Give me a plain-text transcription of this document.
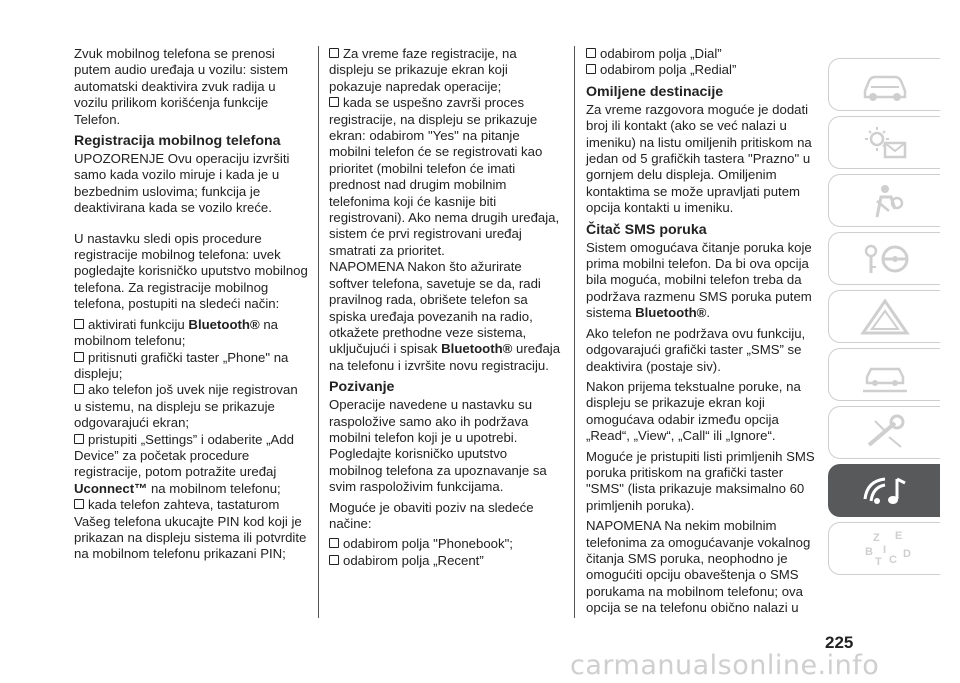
Zvuk mobilnog telefona se prenosi putem audio uređaja u vozilu: sistem automatski deaktivira zvuk radija u vozilu prilikom korišćenja funkcije Telefon.

Registracija mobilnog telefona

UPOZORENJE Ovu operaciju izvršiti samo kada vozilo miruje i kada je u bezbednim uslovima; funkcija je deaktivirana kada se vozilo kreće.

U nastavku sledi opis procedure registracije mobilnog telefona: uvek pogledajte korisničko uputstvo mobilnog telefona. Za registracije mobilnog telefona, postupiti na sledeći način:

aktivirati funkciju Bluetooth® na mobilnom telefonu;
pritisnuti grafički taster „Phone" na displeju;
ako telefon još uvek nije registrovan u sistemu, na displeju se prikazuje odgovarajući ekran;
pristupiti „Settings” i odaberite „Add Device” za početak procedure registracije, potom potražite uređaj Uconnect™ na mobilnom telefonu;
kada telefon zahteva, tastaturom Vašeg telefona ukucajte PIN kod koji je prikazan na displeju sistema ili potvrdite na mobilnom telefonu prikazani PIN;
Za vreme faze registracije, na displeju se prikazuje ekran koji pokazuje napredak operacije;
kada se uspešno završi proces registracije, na displeju se prikazuje ekran: odabirom "Yes" na pitanje mobilni telefon će se registrovati kao prioritet (mobilni telefon će imati prednost nad drugim mobilnim telefonima koji će kasnije biti registrovani). Ako nema drugih uređaja, sistem će prvi registrovani uređaj smatrati za prioritet.

NAPOMENA Nakon što ažurirate softver telefona, savetuje se da, radi pravilnog rada, obrišete telefon sa spiska uređaja povezanih na radio, otkažete prethodne veze sistema, uključujući i spisak Bluetooth® uređaja na telefonu i izvršite novu registraciju.

Pozivanje

Operacije navedene u nastavku su raspoložive samo ako ih podržava mobilni telefon koji je u upotrebi. Pogledajte korisničko uputstvo mobilnog telefona za upoznavanje sa svim raspoloživim funkcijama.

Moguće je obaviti poziv na sledeće načine:

odabirom polja "Phonebook";
odabirom polja „Recent”
odabirom polja „Dial”
odabirom polja „Redial”
Omiljene destinacije

Za vreme razgovora moguće je dodati broj ili kontakt (ako se već nalazi u imeniku) na listu omiljenih pritiskom na jedan od 5 grafičkih tastera "Prazno" u gornjem delu displeja. Omiljenim kontaktima se može upravljati putem opcija kontakti u imeniku.

Čitač SMS poruka

Sistem omogućava čitanje poruka koje prima mobilni telefon. Da bi ova opcija bila moguća, mobilni telefon treba da podržava razmenu SMS poruka putem sistema Bluetooth®.

Ako telefon ne podržava ovu funkciju, odgovarajući grafički taster „SMS” se deaktivira (postaje siv).

Nakon prijema tekstualne poruke, na displeju se prikazuje ekran koji omogućava odabir između opcija „Read“, „View“, „Call“ ili „Ignore“.

Moguće je pristupiti listi primljenih SMS poruka pritiskom na grafički taster "SMS" (lista prikazuje maksimalno 60 primljenih poruka).

NAPOMENA Na nekim mobilnim telefonima za omogućavanje vokalnog čitanja SMS poruka, neophodno je omogućiti opciju obaveštenja o SMS porukama na mobilnom telefonu; ova opcija se na telefonu obično nalazi u

Z E
B
C D
I
T
225
carmanualsonline.info
